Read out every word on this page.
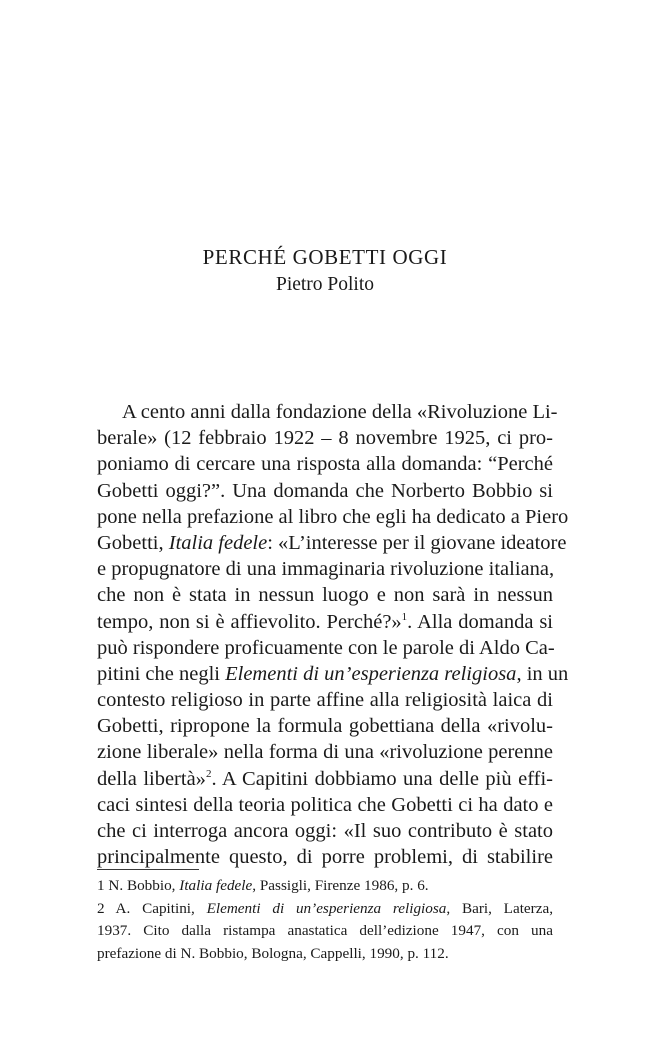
PERCHÉ GOBETTI OGGI
Pietro Polito
A cento anni dalla fondazione della «Rivoluzione Li-
berale» (12 febbraio 1922 – 8 novembre 1925, ci pro-
poniamo di cercare una risposta alla domanda: “Perché
Gobetti oggi?”. Una domanda che Norberto Bobbio si
pone nella prefazione al libro che egli ha dedicato a Piero
Gobetti, Italia fedele: «L’interesse per il giovane ideatore
e propugnatore di una immaginaria rivoluzione italiana,
che non è stata in nessun luogo e non sarà in nessun
tempo, non si è affievolito. Perché?»$^1$. Alla domanda si
può rispondere proficuamente con le parole di Aldo Ca-
pitini che negli Elementi di un’esperienza religiosa, in un
contesto religioso in parte affine alla religiosità laica di
Gobetti, ripropone la formula gobettiana della «rivolu-
zione liberale» nella forma di una «rivoluzione perenne
della libertà»$^2$. A Capitini dobbiamo una delle più effi-
caci sintesi della teoria politica che Gobetti ci ha dato e
che ci interroga ancora oggi: «Il suo contributo è stato
principalmente questo, di porre problemi, di stabilire
1 N. Bobbio, Italia fedele, Passigli, Firenze 1986, p. 6.
2 A. Capitini, Elementi di un’esperienza religiosa, Bari, Laterza,
1937. Cito dalla ristampa anastatica dell’edizione 1947, con una
prefazione di N. Bobbio, Bologna, Cappelli, 1990, p. 112.
